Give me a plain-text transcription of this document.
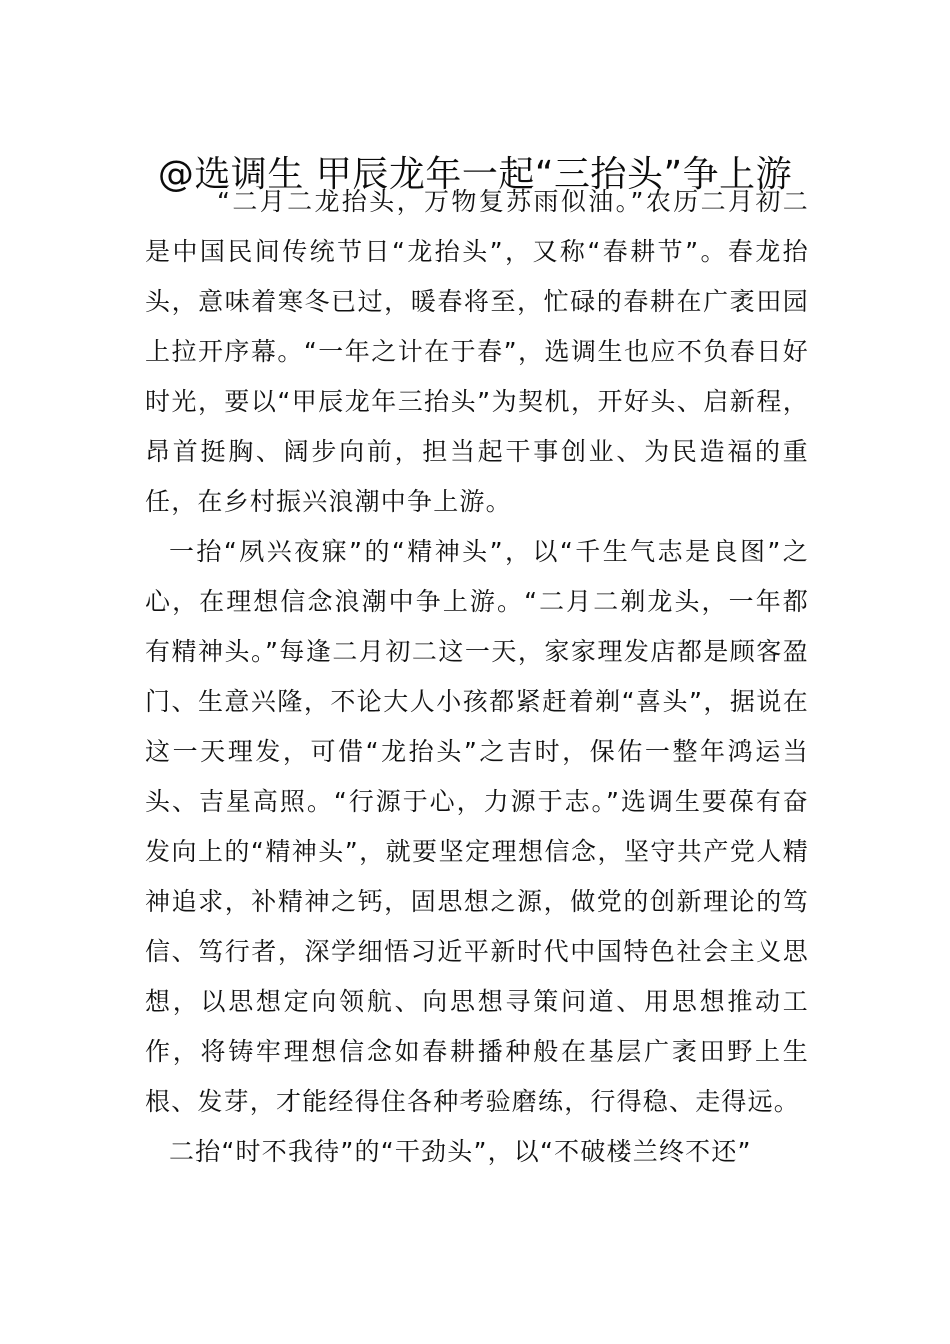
@选调生 甲辰龙年一起“三抬头”争上游

“二月二龙抬头，万物复苏雨似油。”农历二月初二是中国民间传统节日“龙抬头”，又称“春耕节”。春龙抬头，意味着寒冬已过，暖春将至，忙碌的春耕在广袤田园上拉开序幕。“一年之计在于春”，选调生也应不负春日好时光，要以“甲辰龙年三抬头”为契机，开好头、启新程，昂首挺胸、阔步向前，担当起干事创业、为民造福的重任，在乡村振兴浪潮中争上游。

一抬“夙兴夜寐”的“精神头”，以“千生气志是良图”之心，在理想信念浪潮中争上游。“二月二剃龙头，一年都有精神头。”每逢二月初二这一天，家家理发店都是顾客盈门、生意兴隆，不论大人小孩都紧赶着剃“喜头”，据说在这一天理发，可借“龙抬头”之吉时，保佑一整年鸿运当头、吉星高照。“行源于心，力源于志。”选调生要葆有奋发向上的“精神头”，就要坚定理想信念，坚守共产党人精神追求，补精神之钙，固思想之源，做党的创新理论的笃信、笃行者，深学细悟习近平新时代中国特色社会主义思想，以思想定向领航、向思想寻策问道、用思想推动工作，将铸牢理想信念如春耕播种般在基层广袤田野上生根、发芽，才能经得住各种考验磨练，行得稳、走得远。

二抬“时不我待”的“干劲头”，以“不破楼兰终不还”
